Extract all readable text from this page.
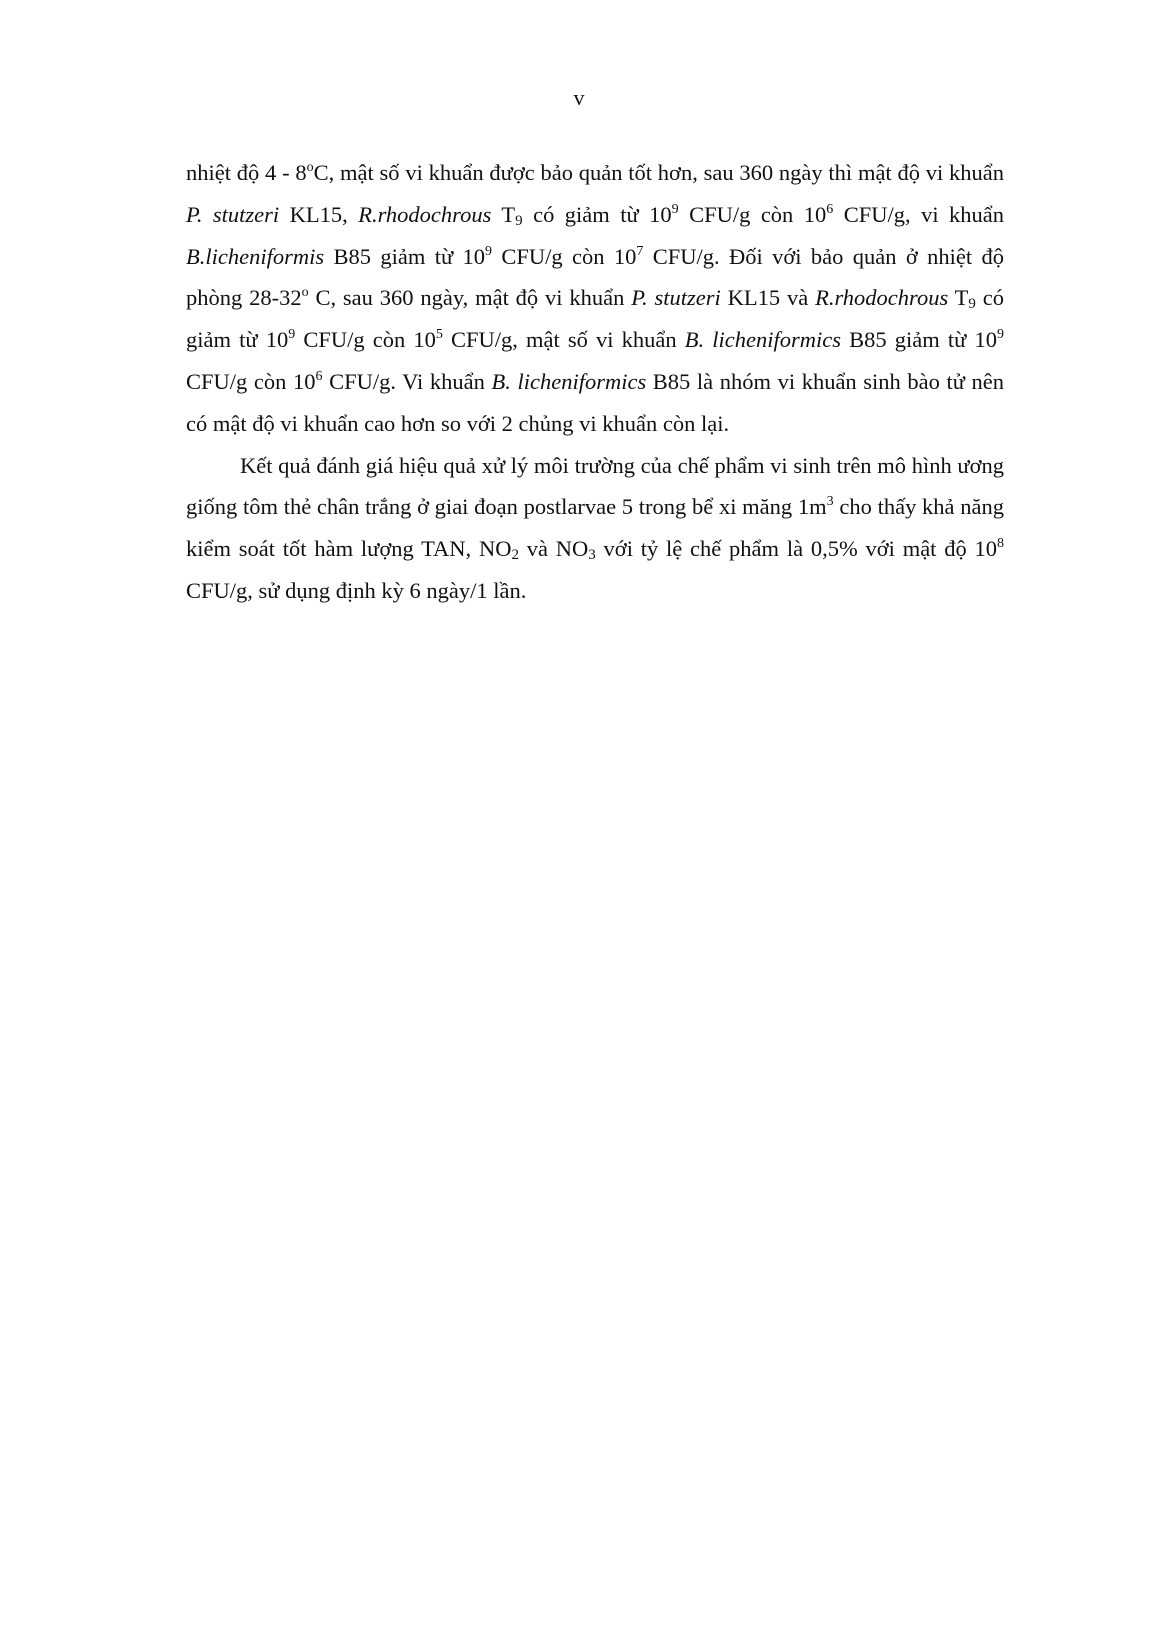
v

nhiệt độ 4 - 8$^o$C, mật số vi khuẩn được bảo quản tốt hơn, sau 360 ngày thì mật độ vi khuẩn P. stutzeri KL15, R.rhodochrous $T_9$ có giảm từ $10^9$ CFU/g còn $10^6$ CFU/g, vi khuẩn B.licheniformis B85 giảm từ $10^9$ CFU/g còn $10^7$ CFU/g. Đối với bảo quản ở nhiệt độ phòng 28-32$^o$ C, sau 360 ngày, mật độ vi khuẩn P. stutzeri KL15 và R.rhodochrous $T_9$ có giảm từ $10^9$ CFU/g còn $10^5$ CFU/g, mật số vi khuẩn B. licheniformics B85 giảm từ $10^9$ CFU/g còn $10^6$ CFU/g. Vi khuẩn B. licheniformics B85 là nhóm vi khuẩn sinh bào tử nên có mật độ vi khuẩn cao hơn so với 2 chủng vi khuẩn còn lại.

Kết quả đánh giá hiệu quả xử lý môi trường của chế phẩm vi sinh trên mô hình ương giống tôm thẻ chân trắng ở giai đoạn postlarvae 5 trong bể xi măng $1m^3$ cho thấy khả năng kiểm soát tốt hàm lượng TAN, $NO_2$ và $NO_3$ với tỷ lệ chế phẩm là 0,5% với mật độ $10^8$ CFU/g, sử dụng định kỳ 6 ngày/1 lần.
